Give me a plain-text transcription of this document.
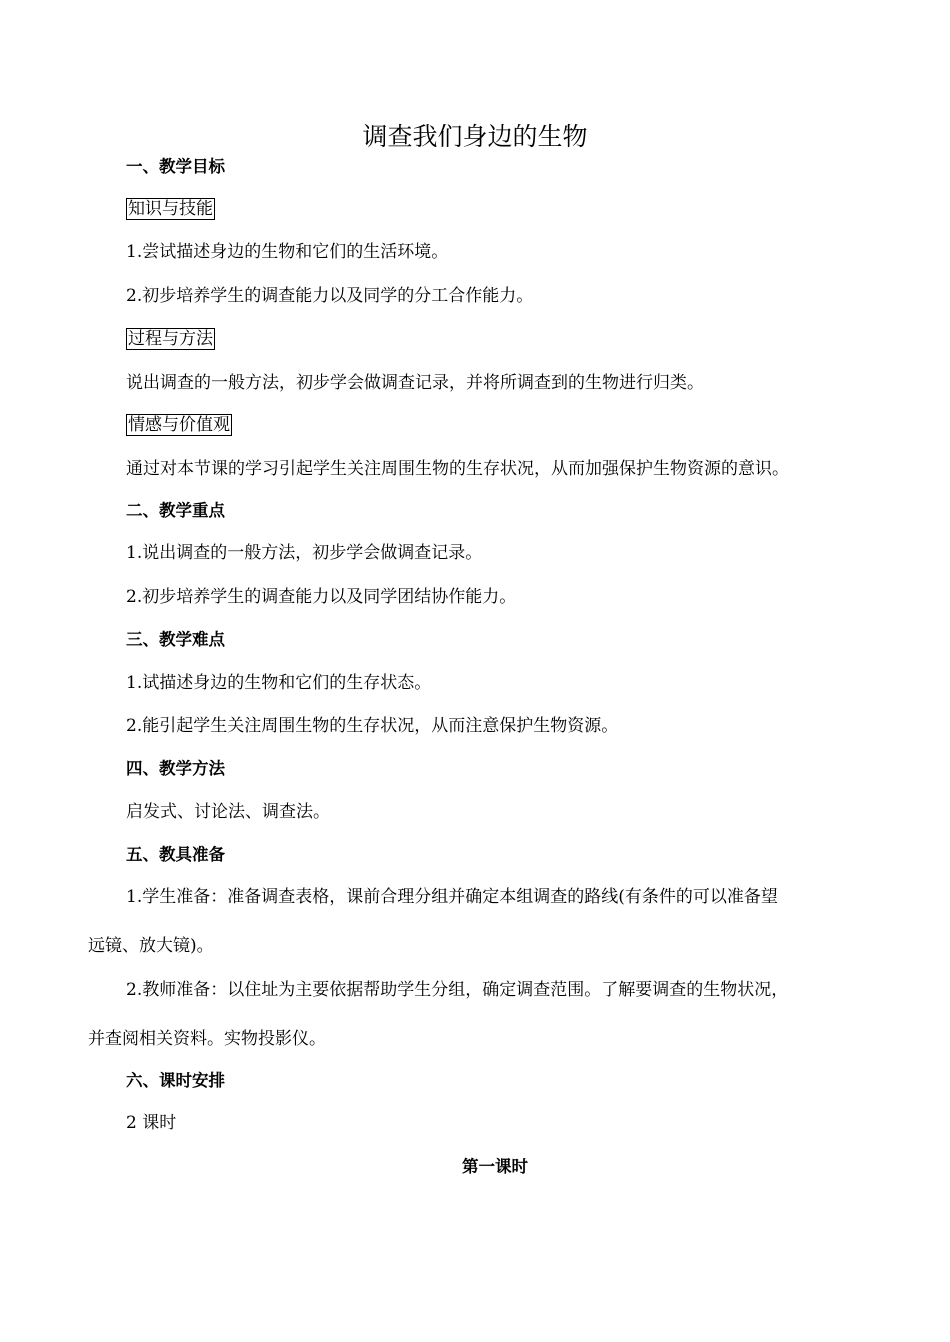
调查我们身边的生物
一、教学目标
知识与技能
1.尝试描述身边的生物和它们的生活环境。
2.初步培养学生的调查能力以及同学的分工合作能力。
过程与方法
说出调查的一般方法，初步学会做调查记录，并将所调查到的生物进行归类。
情感与价值观
通过对本节课的学习引起学生关注周围生物的生存状况，从而加强保护生物资源的意识。
二、教学重点
1.说出调查的一般方法，初步学会做调查记录。
2.初步培养学生的调查能力以及同学团结协作能力。
三、教学难点
1.试描述身边的生物和它们的生存状态。
2.能引起学生关注周围生物的生存状况，从而注意保护生物资源。
四、教学方法
启发式、讨论法、调查法。
五、教具准备
1.学生准备：准备调查表格，课前合理分组并确定本组调查的路线(有条件的可以准备望
远镜、放大镜)。
2.教师准备：以住址为主要依据帮助学生分组，确定调查范围。了解要调查的生物状况，
并查阅相关资料。实物投影仪。
六、课时安排
2 课时
第一课时
